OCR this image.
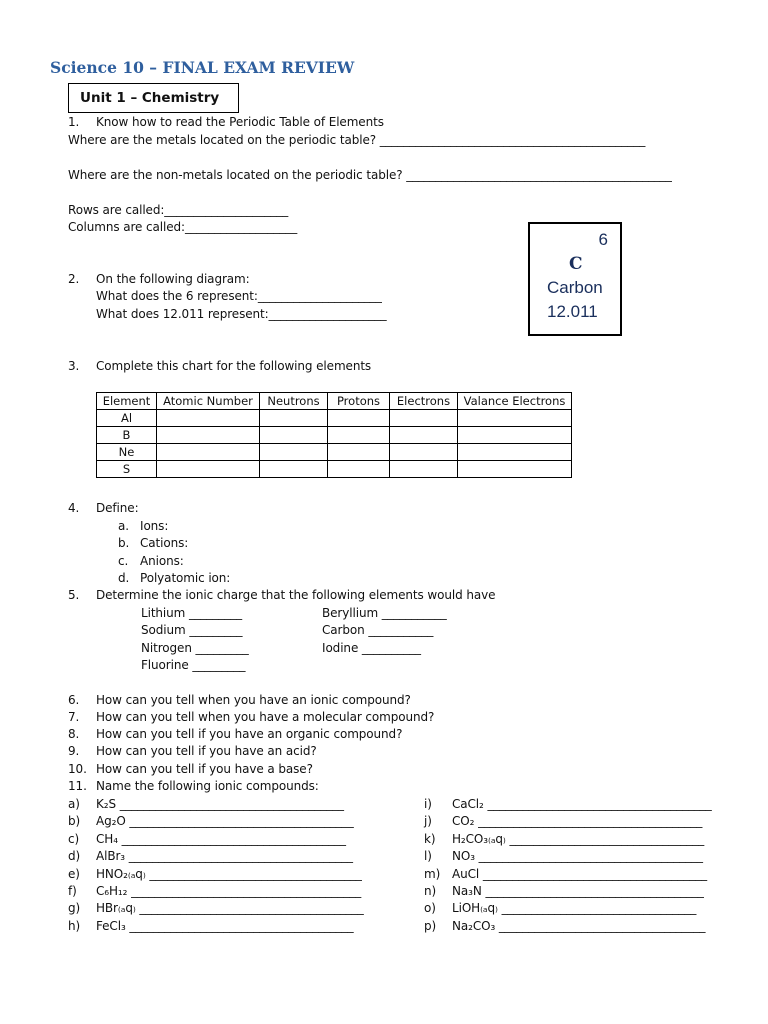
Science 10 – FINAL EXAM REVIEW
Unit 1 – Chemistry
1. Know how to read the Periodic Table of Elements
Where are the metals located on the periodic table? _____________________________________________
Where are the non-metals located on the periodic table? _____________________________________________
Rows are called:_____________________
Columns are called:___________________
6
C
Carbon
12.011
2. On the following diagram:
What does the 6 represent:_____________________
What does 12.011 represent:____________________
3. Complete this chart for the following elements
Element	Atomic Number	Neutrons	Protons	Electrons	Valance Electrons
Al					
B					
Ne					
S					
4. Define:
a. Ions:
b. Cations:
c. Anions:
d. Polyatomic ion:
5. Determine the ionic charge that the following elements would have
Lithium _________
Sodium _________
Nitrogen _________
Fluorine _________
Beryllium ___________
Carbon ___________
Iodine __________
6. How can you tell when you have an ionic compound?
7. How can you tell when you have a molecular compound?
8. How can you tell if you have an organic compound?
9. How can you tell if you have an acid?
10. How can you tell if you have a base?
11. Name the following ionic compounds:
a) K₂S ______________________________________
b) Ag₂O ______________________________________
c) CH₄ ______________________________________
d) AlBr₃ ______________________________________
e) HNO₂₍ₐq₎ ____________________________________
f) C₆H₁₂ _______________________________________
g) HBr₍ₐq₎ ______________________________________
h) FeCl₃ ______________________________________
i) CaCl₂ ______________________________________
j) CO₂ ______________________________________
k) H₂CO₃₍ₐq₎ _________________________________
l) NO₃ ______________________________________
m) AuCl ______________________________________
n) Na₃N _____________________________________
o) LiOH₍ₐq₎ _________________________________
p) Na₂CO₃ ___________________________________
